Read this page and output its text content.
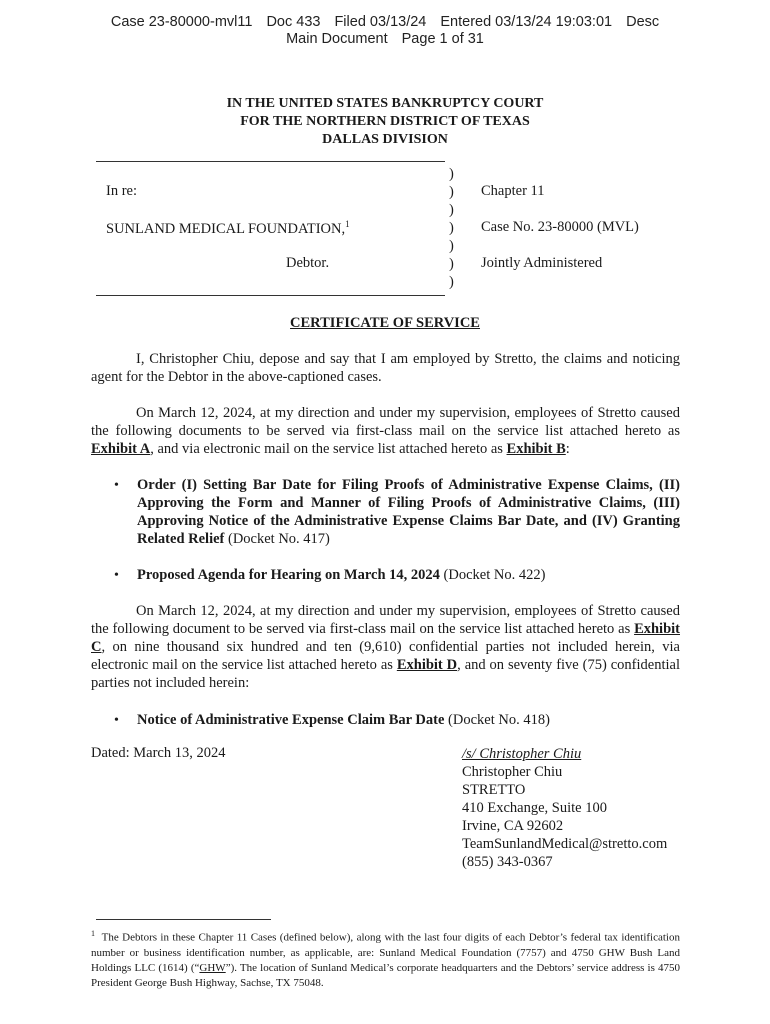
Case 23-80000-mvl11 Doc 433 Filed 03/13/24 Entered 03/13/24 19:03:01 Desc
Main Document Page 1 of 31
IN THE UNITED STATES BANKRUPTCY COURT
FOR THE NORTHERN DISTRICT OF TEXAS
DALLAS DIVISION
In re:
SUNLAND MEDICAL FOUNDATION,$^1$
Debtor.
)
)
)
)
)
)
)
Chapter 11
Case No. 23-80000 (MVL)
Jointly Administered
CERTIFICATE OF SERVICE

I, Christopher Chiu, depose and say that I am employed by Stretto, the claims and noticing agent for the Debtor in the above-captioned cases.

On March 12, 2024, at my direction and under my supervision, employees of Stretto caused the following documents to be served via first-class mail on the service list attached hereto as Exhibit A, and via electronic mail on the service list attached hereto as Exhibit B:

• Order (I) Setting Bar Date for Filing Proofs of Administrative Expense Claims, (II) Approving the Form and Manner of Filing Proofs of Administrative Claims, (III) Approving Notice of the Administrative Expense Claims Bar Date, and (IV) Granting Related Relief (Docket No. 417)

• Proposed Agenda for Hearing on March 14, 2024 (Docket No. 422)

On March 12, 2024, at my direction and under my supervision, employees of Stretto caused the following document to be served via first-class mail on the service list attached hereto as Exhibit C, on nine thousand six hundred and ten (9,610) confidential parties not included herein, via electronic mail on the service list attached hereto as Exhibit D, and on seventy five (75) confidential parties not included herein:

• Notice of Administrative Expense Claim Bar Date (Docket No. 418)

Dated: March 13, 2024	/s/ Christopher Chiu
Christopher Chiu
STRETTO
410 Exchange, Suite 100
Irvine, CA 92602
TeamSunlandMedical@stretto.com
(855) 343-0367

$^1$ The Debtors in these Chapter 11 Cases (defined below), along with the last four digits of each Debtor’s federal tax identification number or business identification number, as applicable, are: Sunland Medical Foundation (7757) and 4750 GHW Bush Land Holdings LLC (1614) (“GHW”). The location of Sunland Medical’s corporate headquarters and the Debtors’ service address is 4750 President George Bush Highway, Sachse, TX 75048.
